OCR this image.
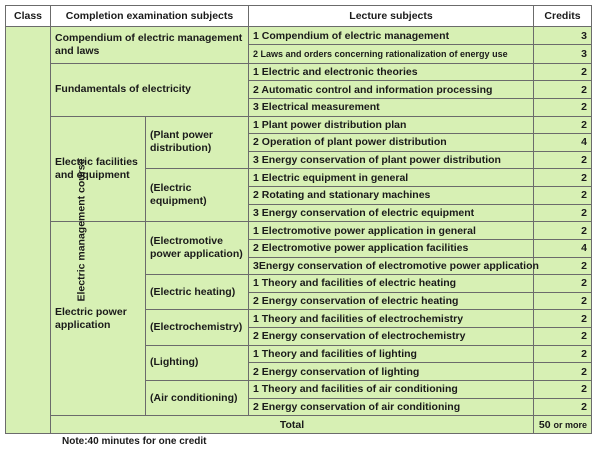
Class	Completion examination subjects		Lecture subjects	Credits
Electric management course	Compendium of electric management and laws		1 Compendium of electric management	3
			2 Laws and orders concerning rationalization of energy use	3
	Fundamentals of electricity		1 Electric and electronic theories	2
			2 Automatic control and information processing	2
			3 Electrical measurement	2
	Electric facilities and equipment	(Plant power distribution)	1 Plant power distribution plan	2
			2 Operation of plant power distribution	4
			3 Energy conservation of plant power distribution	2
		(Electric equipment)	1 Electric equipment in general	2
			2 Rotating and stationary machines	2
			3 Energy conservation of electric equipment	2
	Electric power application	(Electromotive power application)	1 Electromotive power application in general	2
			2 Electromotive power application facilities	4
			3Energy conservation of electromotive power application	2
		(Electric heating)	1 Theory and facilities of electric heating	2
			2 Energy conservation of electric heating	2
		(Electrochemistry)	1 Theory and facilities of electrochemistry	2
			2 Energy conservation of electrochemistry	2
		(Lighting)	1 Theory and facilities of lighting	2
			2 Energy conservation of lighting	2
		(Air conditioning)	1 Theory and facilities of air conditioning	2
			2 Energy conservation of air conditioning	2
	Total			50 or more
Note:40 minutes for one credit
